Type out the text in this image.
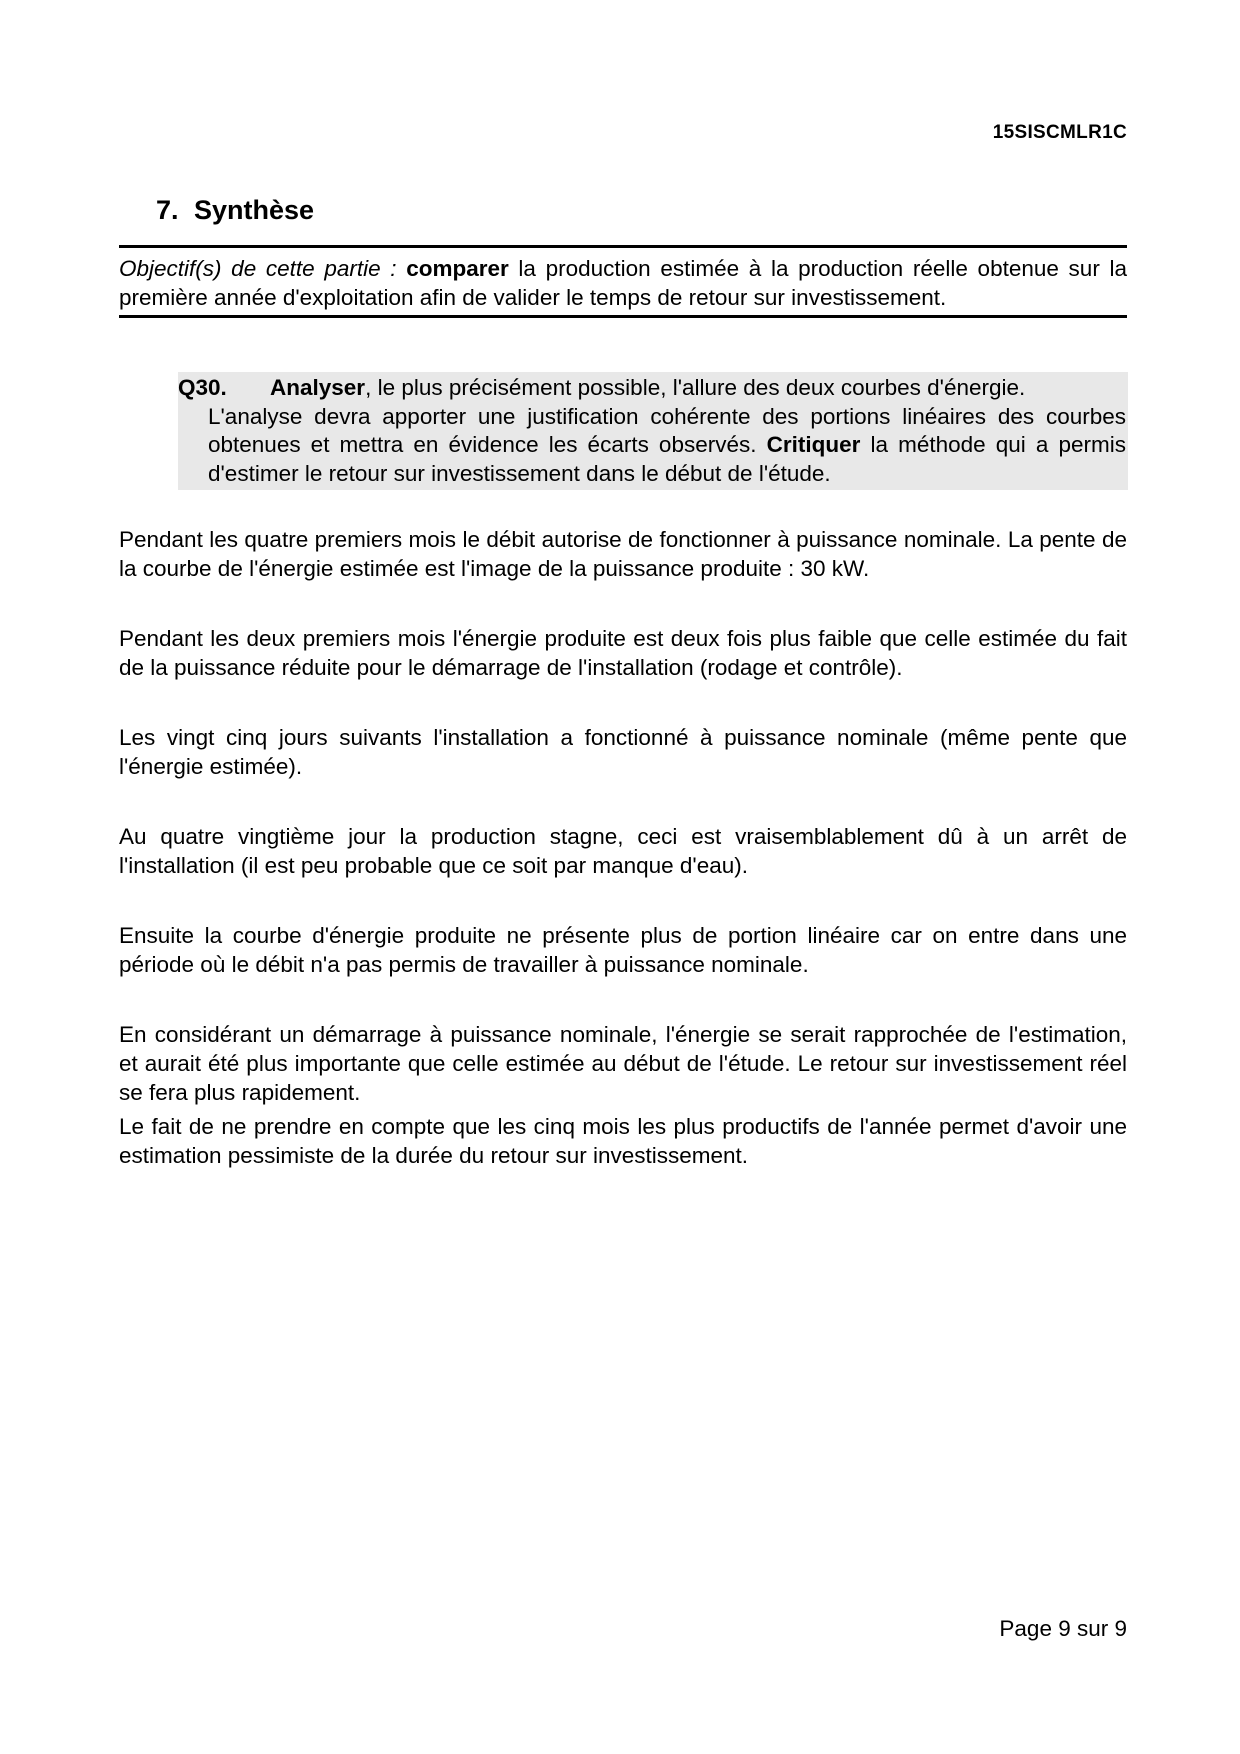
15SISCMLR1C
7. Synthèse
Objectif(s) de cette partie : comparer la production estimée à la production réelle obtenue sur la première année d'exploitation afin de valider le temps de retour sur investissement.
Q30. Analyser, le plus précisément possible, l'allure des deux courbes d'énergie.
L'analyse devra apporter une justification cohérente des portions linéaires des courbes obtenues et mettra en évidence les écarts observés. Critiquer la méthode qui a permis d'estimer le retour sur investissement dans le début de l'étude.

Pendant les quatre premiers mois le débit autorise de fonctionner à puissance nominale. La pente de la courbe de l'énergie estimée est l'image de la puissance produite : 30 kW.

Pendant les deux premiers mois l'énergie produite est deux fois plus faible que celle estimée du fait de la puissance réduite pour le démarrage de l'installation (rodage et contrôle).

Les vingt cinq jours suivants l'installation a fonctionné à puissance nominale (même pente que l'énergie estimée).

Au quatre vingtième jour la production stagne, ceci est vraisemblablement dû à un arrêt de l'installation (il est peu probable que ce soit par manque d'eau).

Ensuite la courbe d'énergie produite ne présente plus de portion linéaire car on entre dans une période où le débit n'a pas permis de travailler à puissance nominale.

En considérant un démarrage à puissance nominale, l'énergie se serait rapprochée de l'estimation, et aurait été plus importante que celle estimée au début de l'étude. Le retour sur investissement réel se fera plus rapidement.

Le fait de ne prendre en compte que les cinq mois les plus productifs de l'année permet d'avoir une estimation pessimiste de la durée du retour sur investissement.

Page 9 sur 9
